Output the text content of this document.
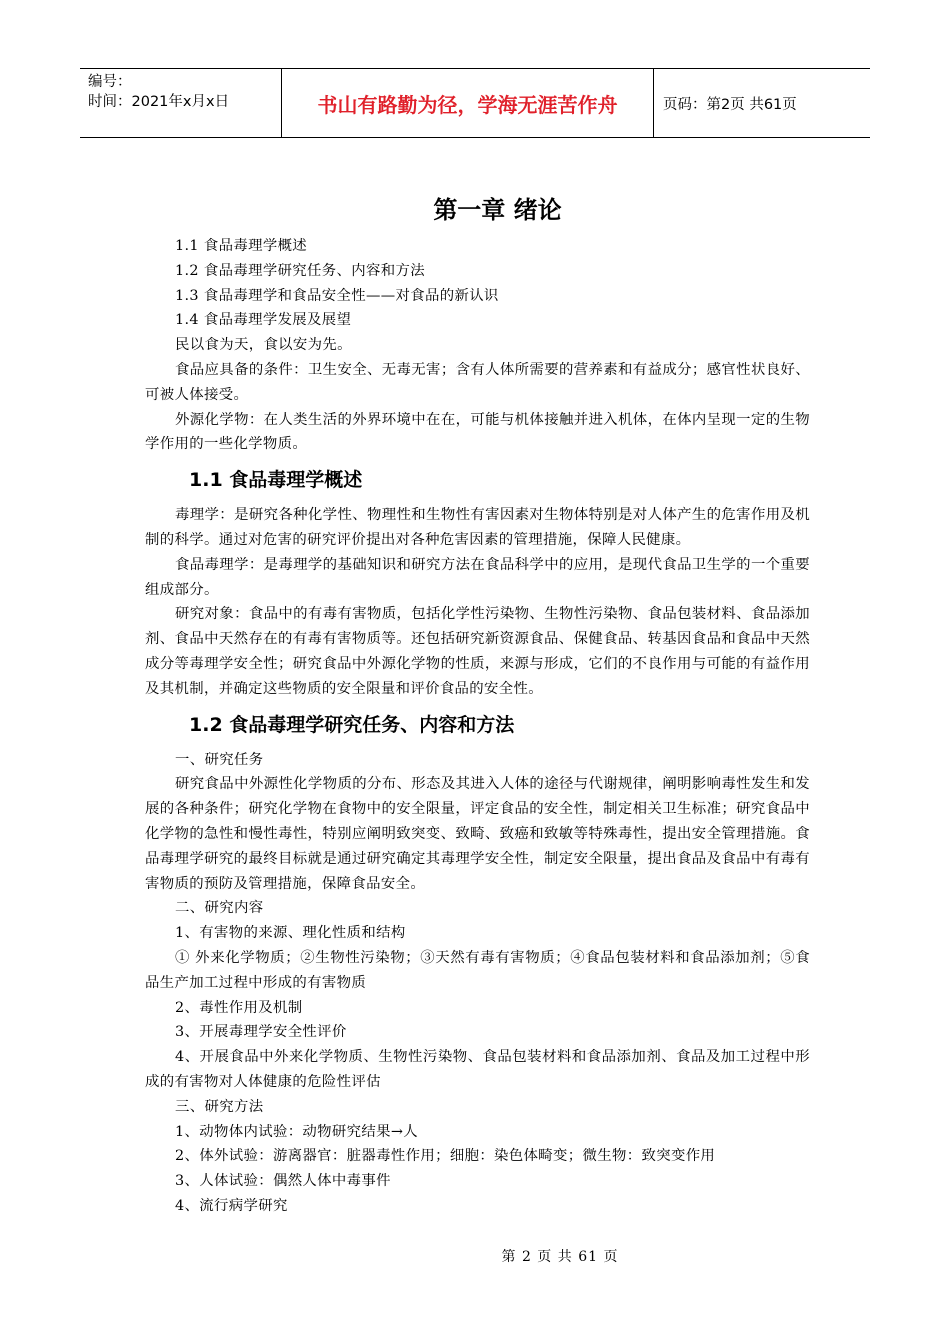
编号：
时间：2021年x月x日	书山有路勤为径，学海无涯苦作舟	页码：第2页 共61页
第一章 绪论

1.1 食品毒理学概述

1.2 食品毒理学研究任务、内容和方法

1.3 食品毒理学和食品安全性——对食品的新认识

1.4 食品毒理学发展及展望

民以食为天，食以安为先。

食品应具备的条件：卫生安全、无毒无害；含有人体所需要的营养素和有益成分；感官性状良好、可被人体接受。

外源化学物：在人类生活的外界环境中在在，可能与机体接触并进入机体，在体内呈现一定的生物学作用的一些化学物质。

1.1 食品毒理学概述

毒理学：是研究各种化学性、物理性和生物性有害因素对生物体特别是对人体产生的危害作用及机制的科学。通过对危害的研究评价提出对各种危害因素的管理措施，保障人民健康。

食品毒理学：是毒理学的基础知识和研究方法在食品科学中的应用，是现代食品卫生学的一个重要组成部分。

研究对象：食品中的有毒有害物质，包括化学性污染物、生物性污染物、食品包装材料、食品添加剂、食品中天然存在的有毒有害物质等。还包括研究新资源食品、保健食品、转基因食品和食品中天然成分等毒理学安全性；研究食品中外源化学物的性质，来源与形成，它们的不良作用与可能的有益作用及其机制，并确定这些物质的安全限量和评价食品的安全性。

1.2 食品毒理学研究任务、内容和方法

一、研究任务

研究食品中外源性化学物质的分布、形态及其进入人体的途径与代谢规律，阐明影响毒性发生和发展的各种条件；研究化学物在食物中的安全限量，评定食品的安全性，制定相关卫生标准；研究食品中化学物的急性和慢性毒性，特别应阐明致突变、致畸、致癌和致敏等特殊毒性，提出安全管理措施。食品毒理学研究的最终目标就是通过研究确定其毒理学安全性，制定安全限量，提出食品及食品中有毒有害物质的预防及管理措施，保障食品安全。

二、研究内容

1、有害物的来源、理化性质和结构

① 外来化学物质；②生物性污染物；③天然有毒有害物质；④食品包装材料和食品添加剂；⑤食品生产加工过程中形成的有害物质

2、毒性作用及机制

3、开展毒理学安全性评价

4、开展食品中外来化学物质、生物性污染物、食品包装材料和食品添加剂、食品及加工过程中形成的有害物对人体健康的危险性评估

三、研究方法

1、动物体内试验：动物研究结果→人

2、体外试验：游离器官：脏器毒性作用；细胞：染色体畸变；微生物：致突变作用

3、人体试验：偶然人体中毒事件

4、流行病学研究

第 2 页 共 61 页
